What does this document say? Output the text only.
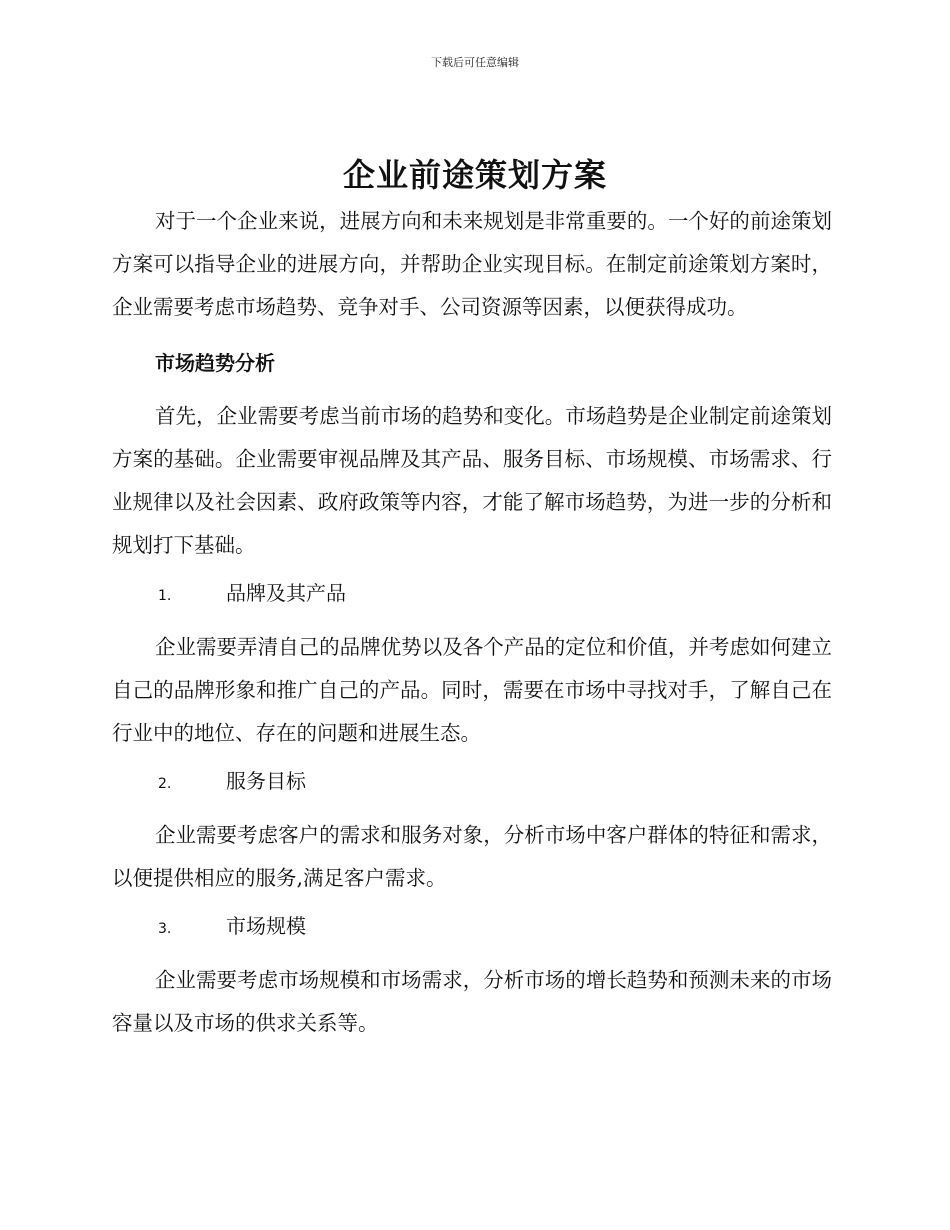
下载后可任意编辑
企业前途策划方案

对于一个企业来说，进展方向和未来规划是非常重要的。一个好的前途策划方案可以指导企业的进展方向，并帮助企业实现目标。在制定前途策划方案时，企业需要考虑市场趋势、竞争对手、公司资源等因素，以便获得成功。

市场趋势分析

首先，企业需要考虑当前市场的趋势和变化。市场趋势是企业制定前途策划方案的基础。企业需要审视品牌及其产品、服务目标、市场规模、市场需求、行业规律以及社会因素、政府政策等内容，才能了解市场趋势，为进一步的分析和规划打下基础。

1.	品牌及其产品

企业需要弄清自己的品牌优势以及各个产品的定位和价值，并考虑如何建立自己的品牌形象和推广自己的产品。同时，需要在市场中寻找对手，了解自己在行业中的地位、存在的问题和进展生态。

2.	服务目标

企业需要考虑客户的需求和服务对象，分析市场中客户群体的特征和需求，以便提供相应的服务,满足客户需求。

3.	市场规模

企业需要考虑市场规模和市场需求，分析市场的增长趋势和预测未来的市场容量以及市场的供求关系等。
